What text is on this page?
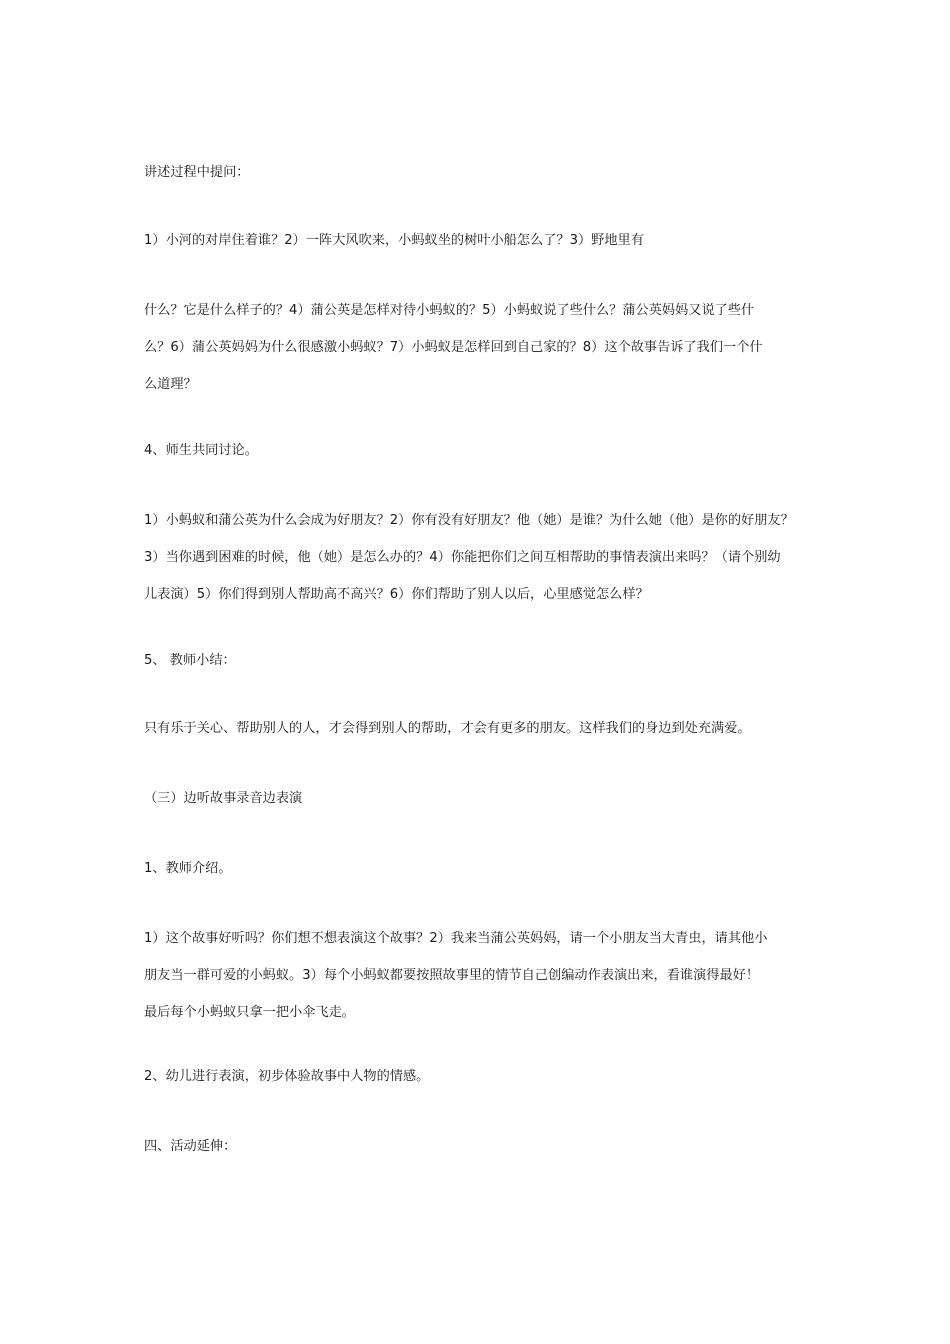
讲述过程中提问：

1）小河的对岸住着谁？2）一阵大风吹来，小蚂蚁坐的树叶小船怎么了？3）野地里有

什么？它是什么样子的？4）蒲公英是怎样对待小蚂蚁的？5）小蚂蚁说了些什么？蒲公英妈妈又说了些什
么？6）蒲公英妈妈为什么很感激小蚂蚁？7）小蚂蚁是怎样回到自己家的？8）这个故事告诉了我们一个什
么道理？

4、师生共同讨论。

1）小蚂蚁和蒲公英为什么会成为好朋友？2）你有没有好朋友？他（她）是谁？为什么她（他）是你的好朋友？
3）当你遇到困难的时候，他（她）是怎么办的？4）你能把你们之间互相帮助的事情表演出来吗？（请个别幼
儿表演）5）你们得到别人帮助高不高兴？6）你们帮助了别人以后，心里感觉怎么样？

5、 教师小结：

只有乐于关心、帮助别人的人，才会得到别人的帮助，才会有更多的朋友。这样我们的身边到处充满爱。

（三）边听故事录音边表演

1、教师介绍。

1）这个故事好听吗？你们想不想表演这个故事？2）我来当蒲公英妈妈，请一个小朋友当大青虫，请其他小
朋友当一群可爱的小蚂蚁。3）每个小蚂蚁都要按照故事里的情节自己创编动作表演出来，看谁演得最好！
最后每个小蚂蚁只拿一把小伞飞走。

2、幼儿进行表演，初步体验故事中人物的情感。

四、活动延伸：
